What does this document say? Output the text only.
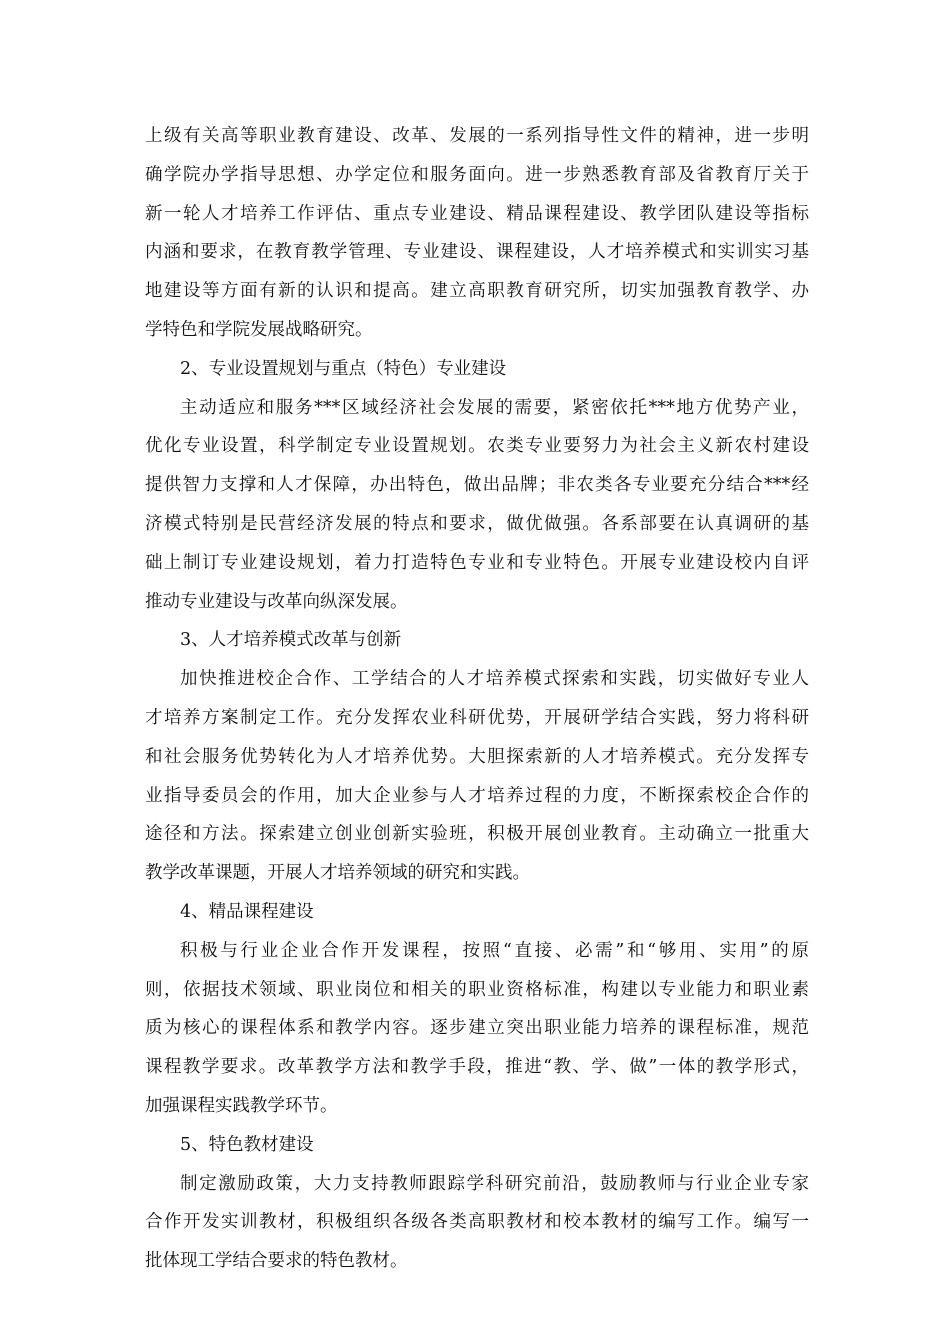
上级有关高等职业教育建设、改革、发展的一系列指导性文件的精神，进一步明
确学院办学指导思想、办学定位和服务面向。进一步熟悉教育部及省教育厅关于
新一轮人才培养工作评估、重点专业建设、精品课程建设、教学团队建设等指标
内涵和要求，在教育教学管理、专业建设、课程建设，人才培养模式和实训实习基
地建设等方面有新的认识和提高。建立高职教育研究所，切实加强教育教学、办
学特色和学院发展战略研究。
2、专业设置规划与重点（特色）专业建设
主动适应和服务***区域经济社会发展的需要，紧密依托***地方优势产业，
优化专业设置，科学制定专业设置规划。农类专业要努力为社会主义新农村建设
提供智力支撑和人才保障，办出特色，做出品牌；非农类各专业要充分结合***经
济模式特别是民营经济发展的特点和要求，做优做强。各系部要在认真调研的基
础上制订专业建设规划，着力打造特色专业和专业特色。开展专业建设校内自评
推动专业建设与改革向纵深发展。
3、人才培养模式改革与创新
加快推进校企合作、工学结合的人才培养模式探索和实践，切实做好专业人
才培养方案制定工作。充分发挥农业科研优势，开展研学结合实践，努力将科研
和社会服务优势转化为人才培养优势。大胆探索新的人才培养模式。充分发挥专
业指导委员会的作用，加大企业参与人才培养过程的力度，不断探索校企合作的
途径和方法。探索建立创业创新实验班，积极开展创业教育。主动确立一批重大
教学改革课题，开展人才培养领域的研究和实践。
4、精品课程建设
积极与行业企业合作开发课程，按照“直接、必需”和“够用、实用”的原
则，依据技术领域、职业岗位和相关的职业资格标准，构建以专业能力和职业素
质为核心的课程体系和教学内容。逐步建立突出职业能力培养的课程标准，规范
课程教学要求。改革教学方法和教学手段，推进“教、学、做”一体的教学形式，
加强课程实践教学环节。
5、特色教材建设
制定激励政策，大力支持教师跟踪学科研究前沿，鼓励教师与行业企业专家
合作开发实训教材，积极组织各级各类高职教材和校本教材的编写工作。编写一
批体现工学结合要求的特色教材。
